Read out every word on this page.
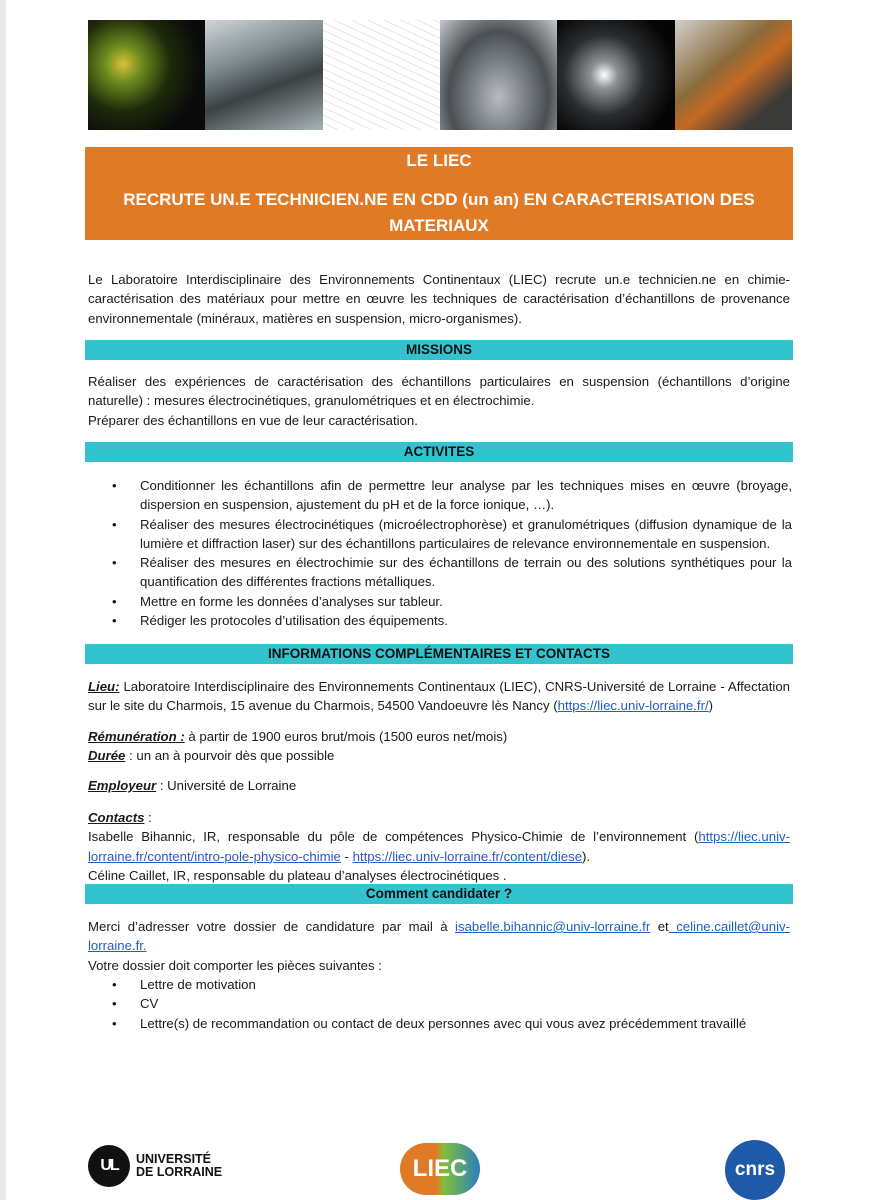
LE LIEC
RECRUTE UN.E TECHNICIEN.NE EN CDD (un an) EN CARACTERISATION DES MATERIAUX
Le Laboratoire Interdisciplinaire des Environnements Continentaux (LIEC) recrute un.e technicien.ne en chimie-caractérisation des matériaux pour mettre en œuvre les techniques de caractérisation d’échantillons de provenance environnementale (minéraux, matières en suspension, micro-organismes).
MISSIONS
Réaliser des expériences de caractérisation des échantillons particulaires en suspension (échantillons d’origine naturelle) : mesures électrocinétiques, granulométriques et en électrochimie.
Préparer des échantillons en vue de leur caractérisation.
ACTIVITES
• Conditionner les échantillons afin de permettre leur analyse par les techniques mises en œuvre (broyage, dispersion en suspension, ajustement du pH et de la force ionique, …).
• Réaliser des mesures électrocinétiques (microélectrophorèse) et granulométriques (diffusion dynamique de la lumière et diffraction laser) sur des échantillons particulaires de relevance environnementale en suspension.
• Réaliser des mesures en électrochimie sur des échantillons de terrain ou des solutions synthétiques pour la quantification des différentes fractions métalliques.
• Mettre en forme les données d’analyses sur tableur.
• Rédiger les protocoles d’utilisation des équipements.
INFORMATIONS COMPLÉMENTAIRES ET CONTACTS
Lieu: Laboratoire Interdisciplinaire des Environnements Continentaux (LIEC), CNRS-Université de Lorraine - Affectation sur le site du Charmois, 15 avenue du Charmois, 54500 Vandoeuvre lès Nancy (https://liec.univ-lorraine.fr/)
Rémunération : à partir de 1900 euros brut/mois (1500 euros net/mois)
Durée : un an à pourvoir dès que possible
Employeur : Université de Lorraine
Contacts :
Isabelle Bihannic, IR, responsable du pôle de compétences Physico-Chimie de l’environnement (https://liec.univ-lorraine.fr/content/intro-pole-physico-chimie - https://liec.univ-lorraine.fr/content/diese).
Céline Caillet, IR, responsable du plateau d’analyses électrocinétiques .
Comment candidater ?
Merci d’adresser votre dossier de candidature par mail à isabelle.bihannic@univ-lorraine.fr et celine.caillet@univ-lorraine.fr.
Votre dossier doit comporter les pièces suivantes :
• Lettre de motivation
• CV
• Lettre(s) de recommandation ou contact de deux personnes avec qui vous avez précédemment travaillé
UL	UNIVERSITÉ
DE LORRAINE	LIEC	cnrs
